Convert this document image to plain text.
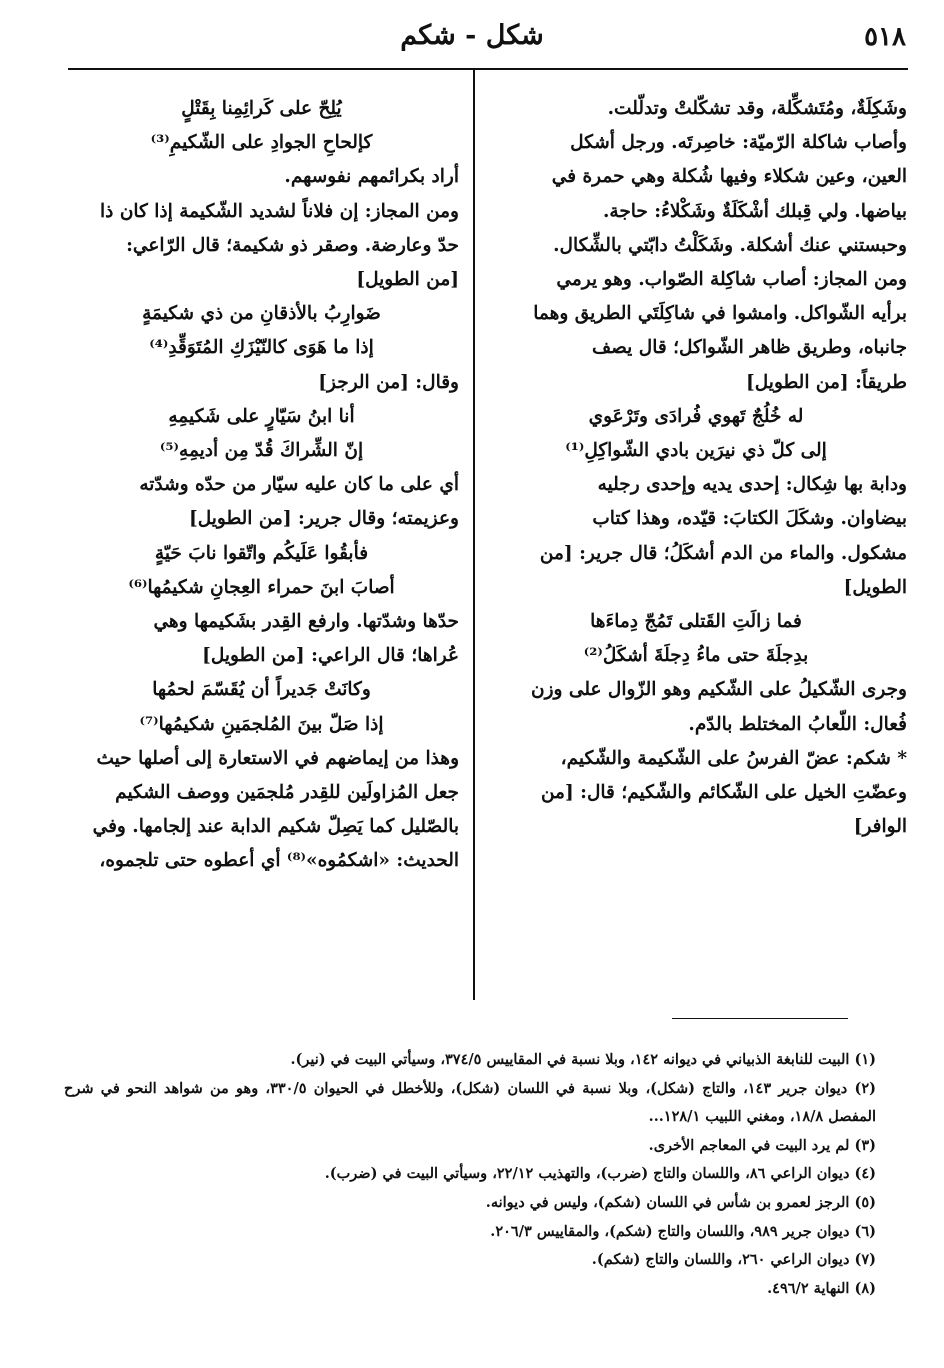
٥١٨
شكل - شكم

وشَكِلَةٌ، ومُتَشكِّلة، وقد تشكّلتْ وتدلّلت.

وأصاب شاكلة الرّميّة: خاصِرتَه. ورجل أشكل

العين، وعين شكلاء وفيها شُكلة وهي حمرة في

بياضها. ولي قِبلك أشْكَلَةٌ وشَكْلاءُ: حاجة.

وحبستني عنك أشكلة. وشَكَلْتُ دابّتي بالشِّكال.

ومن المجاز: أصاب شاكِلة الصّواب. وهو يرمي

برأيه الشّواكل. وامشوا في شاكِلَتَي الطريق وهما

جانباه، وطريق ظاهر الشّواكل؛ قال يصف

طريقاً: [من الطويل]

له خُلُجٌ تَهوي فُرادَى وتَرْعَوي

إلى كلّ ذي نيرَين بادي الشّواكِلِ⁽¹⁾

ودابة بها شِكال: إحدى يديه وإحدى رجليه

بيضاوان. وشكَلَ الكتابَ: قيّده، وهذا كتاب

مشكول. والماء من الدم أشكَلُ؛ قال جرير: [من

الطويل]

فما زالَتِ القَتلى تَمُجّ دِماءَها

بدِجلَةَ حتى ماءُ دِجلَةَ أشكَلُ⁽²⁾

وجرى الشّكيلُ على الشّكيم وهو الزّوال على وزن

فُعال: اللّعابُ المختلط بالدّم.

* شكم: عضّ الفرسُ على الشّكيمة والشّكيم،

وعضّتِ الخيل على الشّكائم والشّكيم؛ قال: [من

الوافر]

يُلِحّ على كَرائِمِنا بِقَتْلٍ

كإلحاحِ الجوادِ على الشّكيمِ⁽³⁾

أراد بكرائمهم نفوسهم.

ومن المجاز: إن فلاناً لشديد الشّكيمة إذا كان ذا

حدّ وعارضة. وصقر ذو شكيمة؛ قال الرّاعي:

[من الطويل]

ضَوارِبُ بالأذقانِ من ذي شكيمَةٍ

إذا ما هَوَى كالنّيْزَكِ المُتَوَقِّدِ⁽⁴⁾

وقال: [من الرجز]

أنا ابنُ سَيّارٍ على شَكيمِهِ

إنّ الشِّراكَ قُدّ مِن أديمِهِ⁽⁵⁾

أي على ما كان عليه سيّار من حدّه وشدّته

وعزيمته؛ وقال جرير: [من الطويل]

فأبقُوا عَلَيكُم واتّقوا نابَ حَيّةٍ

أصابَ ابنَ حمراء العِجانِ شكيمُها⁽⁶⁾

حدّها وشدّتها. وارفع القِدر بشَكيمها وهي

عُراها؛ قال الراعي: [من الطويل]

وكانَتْ جَديراً أن يُقَسّمَ لحمُها

إذا صَلّ بينَ المُلجمَينِ شكيمُها⁽⁷⁾

وهذا من إيماضهم في الاستعارة إلى أصلها حيث

جعل المُزاولَين للقِدر مُلجمَين ووصف الشكيم

بالصّليل كما يَصِلّ شكيم الدابة عند إلجامها. وفي

الحديث: «اشكمُوه»⁽⁸⁾ أي أعطوه حتى تلجموه،

(١) البيت للنابغة الذبياني في ديوانه ١٤٢، وبلا نسبة في المقاييس ٣٧٤/٥، وسيأتي البيت في (نير).

(٢) ديوان جرير ١٤٣، والتاج (شكل)، وبلا نسبة في اللسان (شكل)، وللأخطل في الحيوان ٣٣٠/٥، وهو من شواهد النحو في شرح المفصل ١٨/٨، ومغني اللبيب ١٢٨/١...

(٣) لم يرد البيت في المعاجم الأخرى.

(٤) ديوان الراعي ٨٦، واللسان والتاج (ضرب)، والتهذيب ٢٢/١٢، وسيأتي البيت في (ضرب).

(٥) الرجز لعمرو بن شأس في اللسان (شكم)، وليس في ديوانه.

(٦) ديوان جرير ٩٨٩، واللسان والتاج (شكم)، والمقاييس ٢٠٦/٣.

(٧) ديوان الراعي ٢٦٠، واللسان والتاج (شكم).

(٨) النهاية ٤٩٦/٢.
